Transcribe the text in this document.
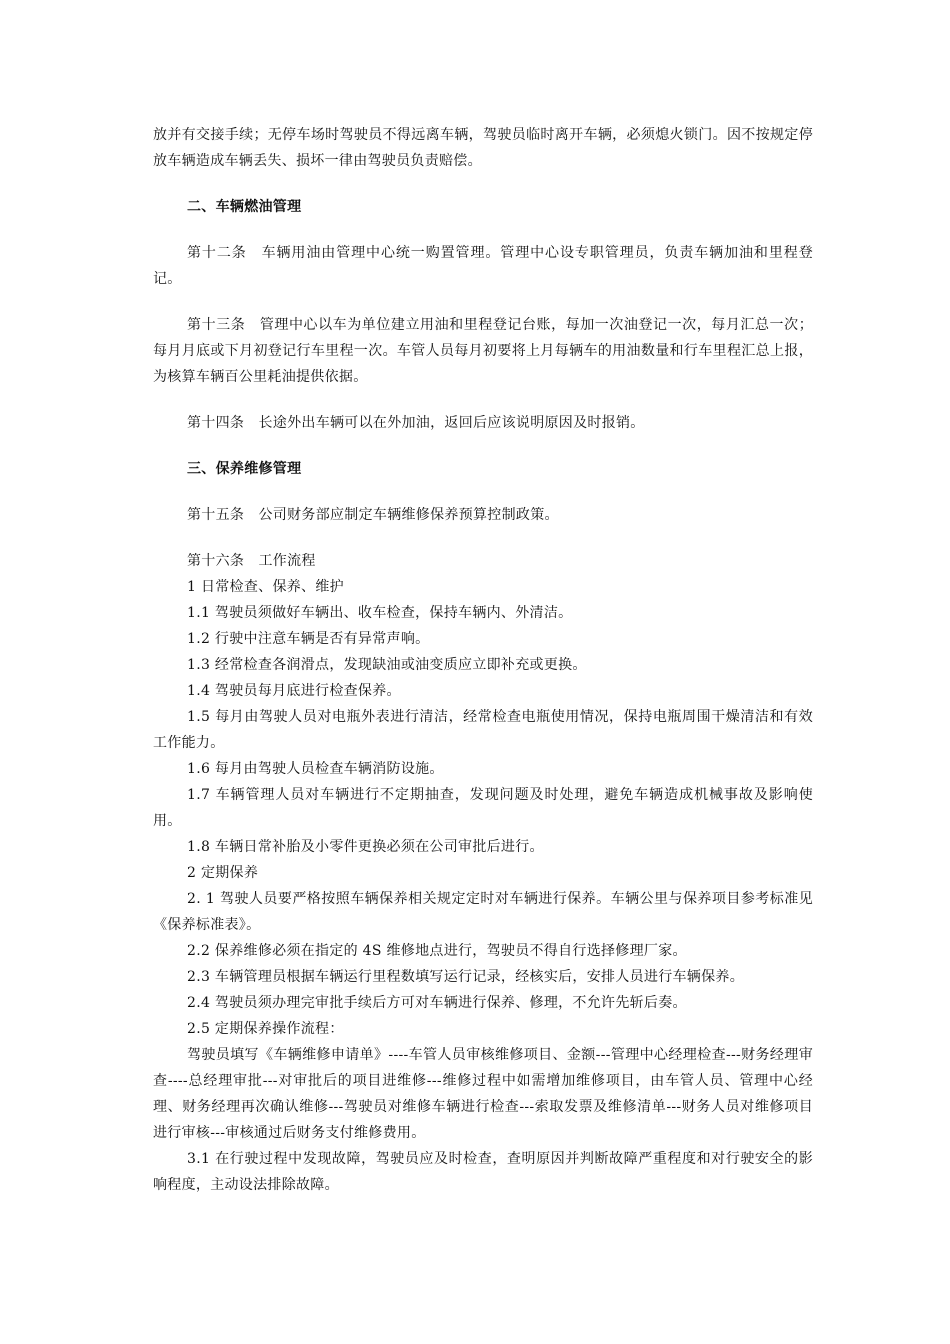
放并有交接手续；无停车场时驾驶员不得远离车辆，驾驶员临时离开车辆，必须熄火锁门。因不按规定停放车辆造成车辆丢失、损坏一律由驾驶员负责赔偿。

二、车辆燃油管理

第十二条　车辆用油由管理中心统一购置管理。管理中心设专职管理员，负责车辆加油和里程登记。

第十三条　管理中心以车为单位建立用油和里程登记台账，每加一次油登记一次，每月汇总一次；每月月底或下月初登记行车里程一次。车管人员每月初要将上月每辆车的用油数量和行车里程汇总上报，为核算车辆百公里耗油提供依据。

第十四条　长途外出车辆可以在外加油，返回后应该说明原因及时报销。

三、保养维修管理

第十五条　公司财务部应制定车辆维修保养预算控制政策。

第十六条　工作流程

1 日常检查、保养、维护

1.1 驾驶员须做好车辆出、收车检查，保持车辆内、外清洁。

1.2 行驶中注意车辆是否有异常声响。

1.3 经常检查各润滑点，发现缺油或油变质应立即补充或更换。

1.4 驾驶员每月底进行检查保养。

1.5 每月由驾驶人员对电瓶外表进行清洁，经常检查电瓶使用情况，保持电瓶周围干燥清洁和有效工作能力。

1.6 每月由驾驶人员检查车辆消防设施。

1.7 车辆管理人员对车辆进行不定期抽查，发现问题及时处理，避免车辆造成机械事故及影响使用。

1.8 车辆日常补胎及小零件更换必须在公司审批后进行。

2 定期保养

2. 1 驾驶人员要严格按照车辆保养相关规定定时对车辆进行保养。车辆公里与保养项目参考标准见《保养标准表》。

2.2 保养维修必须在指定的 4S 维修地点进行，驾驶员不得自行选择修理厂家。

2.3 车辆管理员根据车辆运行里程数填写运行记录，经核实后，安排人员进行车辆保养。

2.4 驾驶员须办理完审批手续后方可对车辆进行保养、修理，不允许先斩后奏。

2.5 定期保养操作流程：

驾驶员填写《车辆维修申请单》----车管人员审核维修项目、金额---管理中心经理检查---财务经理审查----总经理审批---对审批后的项目进维修---维修过程中如需增加维修项目，由车管人员、管理中心经理、财务经理再次确认维修---驾驶员对维修车辆进行检查---索取发票及维修清单---财务人员对维修项目进行审核---审核通过后财务支付维修费用。

3.1 在行驶过程中发现故障，驾驶员应及时检查，查明原因并判断故障严重程度和对行驶安全的影响程度，主动设法排除故障。
